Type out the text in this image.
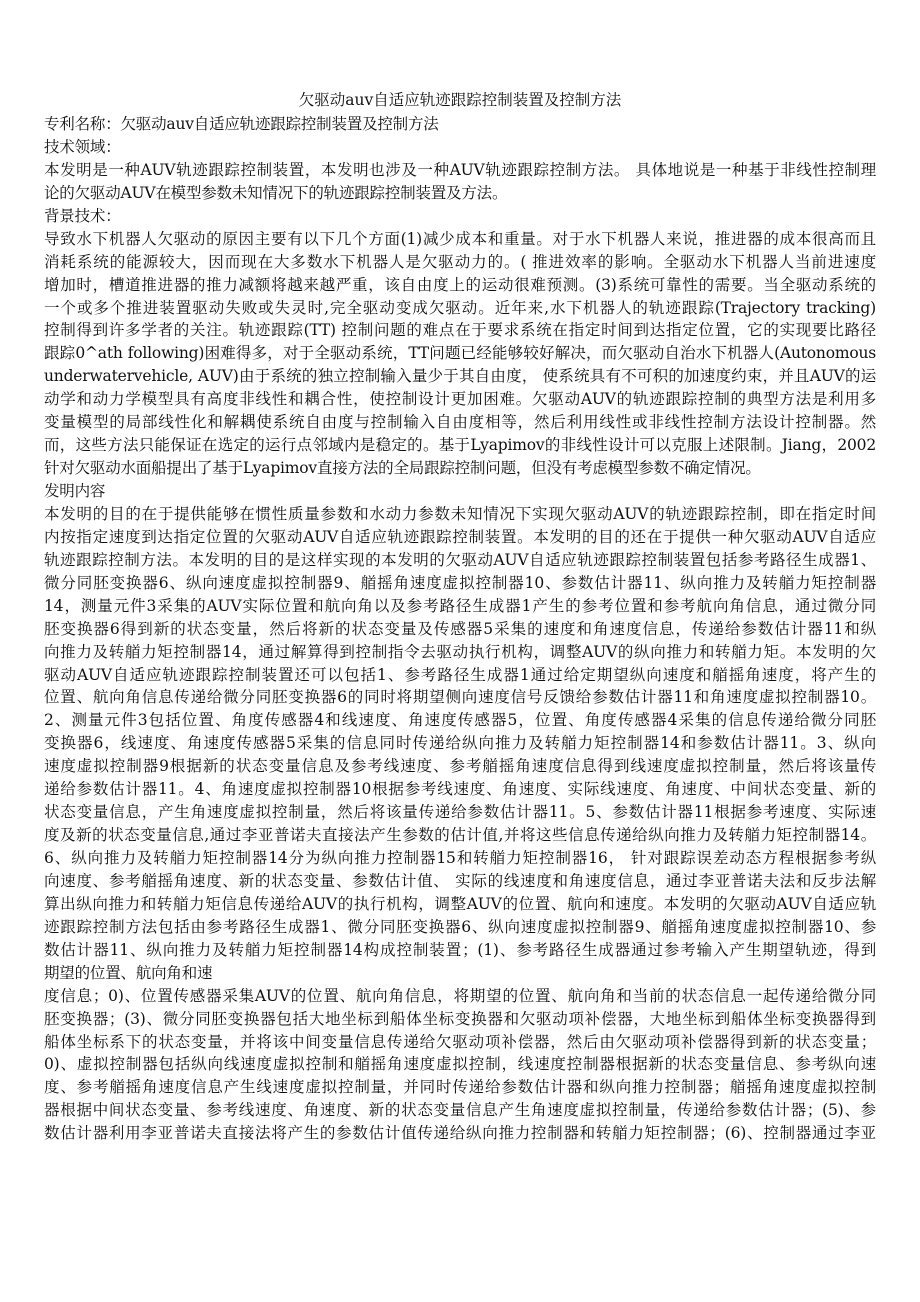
欠驱动auv自适应轨迹跟踪控制装置及控制方法
专利名称：欠驱动auv自适应轨迹跟踪控制装置及控制方法
技术领域：
本发明是一种AUV轨迹跟踪控制装置，本发明也涉及一种AUV轨迹跟踪控制方法。 具体地说是一种基于非线性控制理
论的欠驱动AUV在模型参数未知情况下的轨迹跟踪控制装置及方法。
背景技术：
导致水下机器人欠驱动的原因主要有以下几个方面(1)减少成本和重量。对于水下机器人来说，推进器的成本很高而且
消耗系统的能源较大，因而现在大多数水下机器人是欠驱动力的。( 推进效率的影响。全驱动水下机器人当前进速度
增加时，槽道推进器的推力减额将越来越严重，该自由度上的运动很难预测。(3)系统可靠性的需要。当全驱动系统的
一个或多个推进装置驱动失败或失灵时,完全驱动变成欠驱动。近年来,水下机器人的轨迹跟踪(Trajectory tracking)
控制得到许多学者的关注。轨迹跟踪(TT) 控制问题的难点在于要求系统在指定时间到达指定位置，它的实现要比路径
跟踪0^ath following)困难得多，对于全驱动系统，TT问题已经能够较好解决，而欠驱动自治水下机器人(Autonomous
underwatervehicle, AUV)由于系统的独立控制输入量少于其自由度， 使系统具有不可积的加速度约束，并且AUV的运
动学和动力学模型具有高度非线性和耦合性，使控制设计更加困难。欠驱动AUV的轨迹跟踪控制的典型方法是利用多
变量模型的局部线性化和解耦使系统自由度与控制输入自由度相等，然后利用线性或非线性控制方法设计控制器。然
而，这些方法只能保证在选定的运行点邻域内是稳定的。基于Lyapimov的非线性设计可以克服上述限制。Jiang，2002
针对欠驱动水面船提出了基于Lyapimov直接方法的全局跟踪控制问题，但没有考虑模型参数不确定情况。
发明内容
本发明的目的在于提供能够在惯性质量参数和水动力参数未知情况下实现欠驱动AUV的轨迹跟踪控制，即在指定时间
内按指定速度到达指定位置的欠驱动AUV自适应轨迹跟踪控制装置。本发明的目的还在于提供一种欠驱动AUV自适应
轨迹跟踪控制方法。本发明的目的是这样实现的本发明的欠驱动AUV自适应轨迹跟踪控制装置包括参考路径生成器1、
微分同胚变换器6、纵向速度虚拟控制器9、艏摇角速度虚拟控制器10、参数估计器11、纵向推力及转艏力矩控制器
14，测量元件3采集的AUV实际位置和航向角以及参考路径生成器1产生的参考位置和参考航向角信息，通过微分同
胚变换器6得到新的状态变量，然后将新的状态变量及传感器5采集的速度和角速度信息，传递给参数估计器11和纵
向推力及转艏力矩控制器14，通过解算得到控制指令去驱动执行机构，调整AUV的纵向推力和转艏力矩。本发明的欠
驱动AUV自适应轨迹跟踪控制装置还可以包括1、参考路径生成器1通过给定期望纵向速度和艏摇角速度，将产生的
位置、航向角信息传递给微分同胚变换器6的同时将期望侧向速度信号反馈给参数估计器11和角速度虚拟控制器10。
2、测量元件3包括位置、角度传感器4和线速度、角速度传感器5，位置、角度传感器4采集的信息传递给微分同胚
变换器6，线速度、角速度传感器5采集的信息同时传递给纵向推力及转艏力矩控制器14和参数估计器11。3、纵向
速度虚拟控制器9根据新的状态变量信息及参考线速度、参考艏摇角速度信息得到线速度虚拟控制量，然后将该量传
递给参数估计器11。4、角速度虚拟控制器10根据参考线速度、角速度、实际线速度、角速度、中间状态变量、新的
状态变量信息，产生角速度虚拟控制量，然后将该量传递给参数估计器11。5、参数估计器11根据参考速度、实际速
度及新的状态变量信息,通过李亚普诺夫直接法产生参数的估计值,并将这些信息传递给纵向推力及转艏力矩控制器14。
6、纵向推力及转艏力矩控制器14分为纵向推力控制器15和转艏力矩控制器16， 针对跟踪误差动态方程根据参考纵
向速度、参考艏摇角速度、新的状态变量、参数估计值、 实际的线速度和角速度信息，通过李亚普诺夫法和反步法解
算出纵向推力和转艏力矩信息传递给AUV的执行机构，调整AUV的位置、航向和速度。本发明的欠驱动AUV自适应轨
迹跟踪控制方法包括由参考路径生成器1、微分同胚变换器6、纵向速度虚拟控制器9、艏摇角速度虚拟控制器10、参
数估计器11、纵向推力及转艏力矩控制器14构成控制装置；(1)、参考路径生成器通过参考输入产生期望轨迹，得到
期望的位置、航向角和速
度信息；0)、位置传感器采集AUV的位置、航向角信息，将期望的位置、航向角和当前的状态信息一起传递给微分同
胚变换器；(3)、微分同胚变换器包括大地坐标到船体坐标变换器和欠驱动项补偿器，大地坐标到船体坐标变换器得到
船体坐标系下的状态变量，并将该中间变量信息传递给欠驱动项补偿器，然后由欠驱动项补偿器得到新的状态变量；
0)、虚拟控制器包括纵向线速度虚拟控制和艏摇角速度虚拟控制，线速度控制器根据新的状态变量信息、参考纵向速
度、参考艏摇角速度信息产生线速度虚拟控制量，并同时传递给参数估计器和纵向推力控制器；艏摇角速度虚拟控制
器根据中间状态变量、参考线速度、角速度、新的状态变量信息产生角速度虚拟控制量，传递给参数估计器；(5)、参
数估计器利用李亚普诺夫直接法将产生的参数估计值传递给纵向推力控制器和转艏力矩控制器；(6)、控制器通过李亚
